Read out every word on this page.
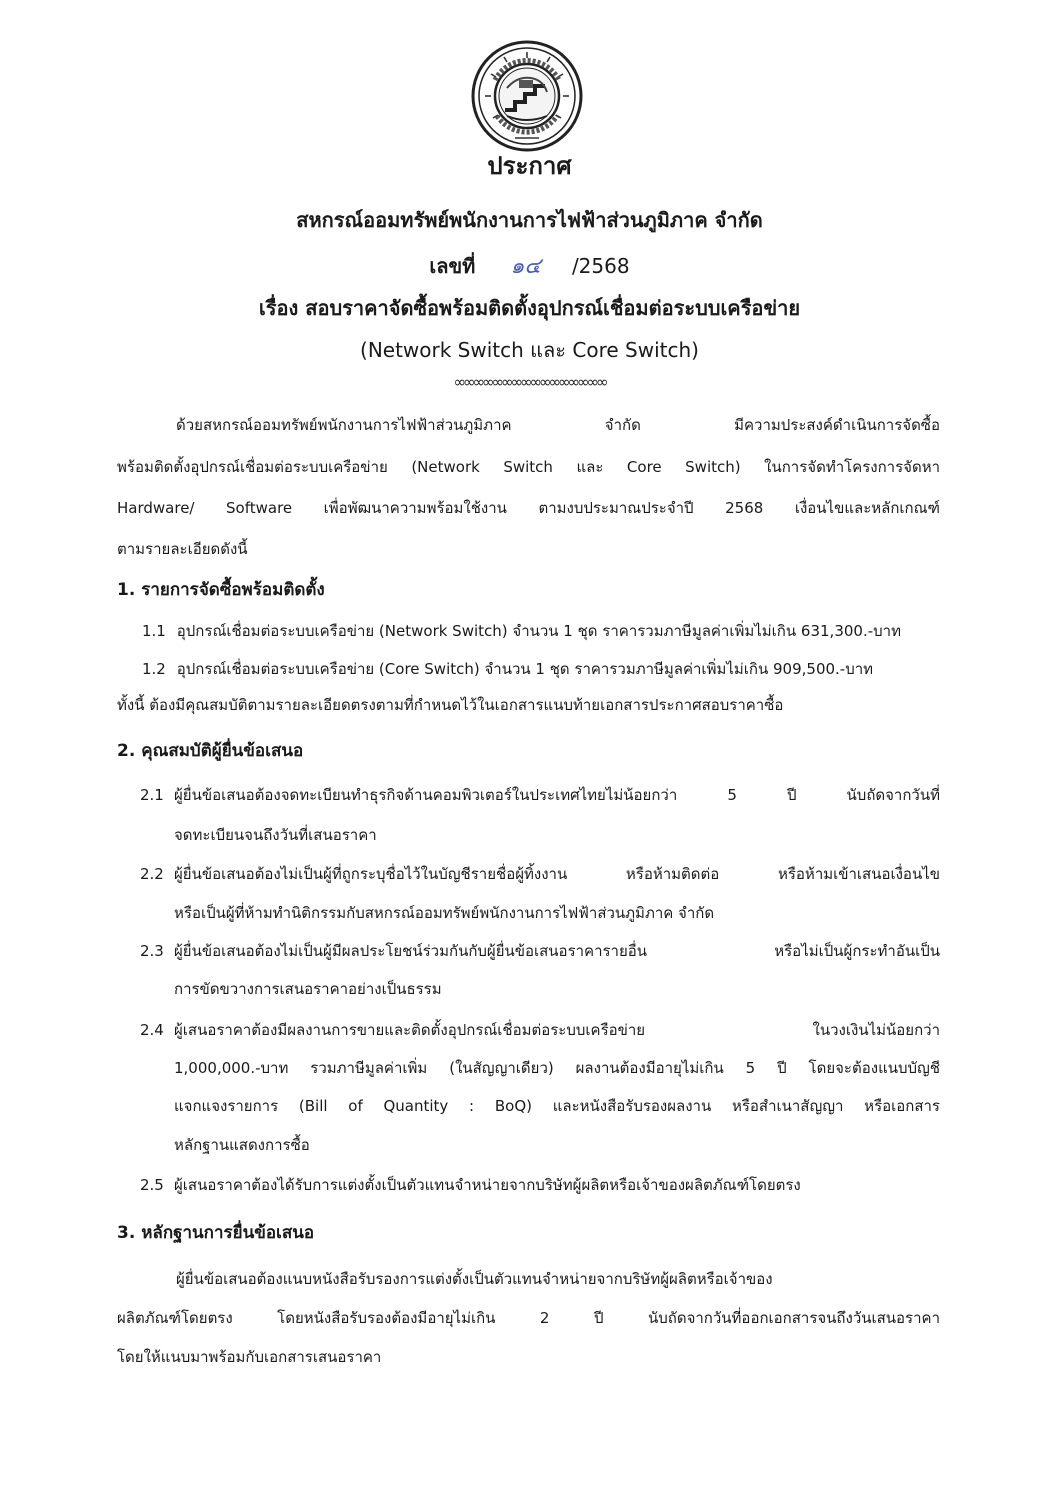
ประกาศ
สหกรณ์ออมทรัพย์พนักงานการไฟฟ้าส่วนภูมิภาค จำกัด
เลขที่ ๑๔ /2568
เรื่อง สอบราคาจัดซื้อพร้อมติดตั้งอุปกรณ์เชื่อมต่อระบบเครือข่าย
(Network Switch และ Core Switch)
∞∞∞∞∞∞∞∞∞∞∞∞∞∞∞∞
ด้วยสหกรณ์ออมทรัพย์พนักงานการไฟฟ้าส่วนภูมิภาค จำกัด มีความประสงค์ดำเนินการจัดซื้อ
พร้อมติดตั้งอุปกรณ์เชื่อมต่อระบบเครือข่าย (Network Switch และ Core Switch) ในการจัดทำโครงการจัดหา
Hardware/ Software เพื่อพัฒนาความพร้อมใช้งาน ตามงบประมาณประจำปี 2568 เงื่อนไขและหลักเกณฑ์
ตามรายละเอียดดังนี้
1. รายการจัดซื้อพร้อมติดตั้ง
1.1 อุปกรณ์เชื่อมต่อระบบเครือข่าย (Network Switch) จำนวน 1 ชุด ราคารวมภาษีมูลค่าเพิ่มไม่เกิน 631,300.-บาท
1.2 อุปกรณ์เชื่อมต่อระบบเครือข่าย (Core Switch) จำนวน 1 ชุด ราคารวมภาษีมูลค่าเพิ่มไม่เกิน 909,500.-บาท
ทั้งนี้ ต้องมีคุณสมบัติตามรายละเอียดตรงตามที่กำหนดไว้ในเอกสารแนบท้ายเอกสารประกาศสอบราคาซื้อ
2. คุณสมบัติผู้ยื่นข้อเสนอ
2.1 ผู้ยื่นข้อเสนอต้องจดทะเบียนทำธุรกิจด้านคอมพิวเตอร์ในประเทศไทยไม่น้อยกว่า 5 ปี นับถัดจากวันที่
จดทะเบียนจนถึงวันที่เสนอราคา
2.2 ผู้ยื่นข้อเสนอต้องไม่เป็นผู้ที่ถูกระบุชื่อไว้ในบัญชีรายชื่อผู้ทิ้งงาน หรือห้ามติดต่อ หรือห้ามเข้าเสนอเงื่อนไข
หรือเป็นผู้ที่ห้ามทำนิติกรรมกับสหกรณ์ออมทรัพย์พนักงานการไฟฟ้าส่วนภูมิภาค จำกัด
2.3 ผู้ยื่นข้อเสนอต้องไม่เป็นผู้มีผลประโยชน์ร่วมกันกับผู้ยื่นข้อเสนอราคารายอื่น หรือไม่เป็นผู้กระทำอันเป็น
การขัดขวางการเสนอราคาอย่างเป็นธรรม
2.4 ผู้เสนอราคาต้องมีผลงานการขายและติดตั้งอุปกรณ์เชื่อมต่อระบบเครือข่าย ในวงเงินไม่น้อยกว่า
1,000,000.-บาท รวมภาษีมูลค่าเพิ่ม (ในสัญญาเดียว) ผลงานต้องมีอายุไม่เกิน 5 ปี โดยจะต้องแนบบัญชี
แจกแจงรายการ (Bill of Quantity : BoQ) และหนังสือรับรองผลงาน หรือสำเนาสัญญา หรือเอกสาร
หลักฐานแสดงการซื้อ
2.5 ผู้เสนอราคาต้องได้รับการแต่งตั้งเป็นตัวแทนจำหน่ายจากบริษัทผู้ผลิตหรือเจ้าของผลิตภัณฑ์โดยตรง
3. หลักฐานการยื่นข้อเสนอ
ผู้ยื่นข้อเสนอต้องแนบหนังสือรับรองการแต่งตั้งเป็นตัวแทนจำหน่ายจากบริษัทผู้ผลิตหรือเจ้าของ
ผลิตภัณฑ์โดยตรง โดยหนังสือรับรองต้องมีอายุไม่เกิน 2 ปี นับถัดจากวันที่ออกเอกสารจนถึงวันเสนอราคา
โดยให้แนบมาพร้อมกับเอกสารเสนอราคา
